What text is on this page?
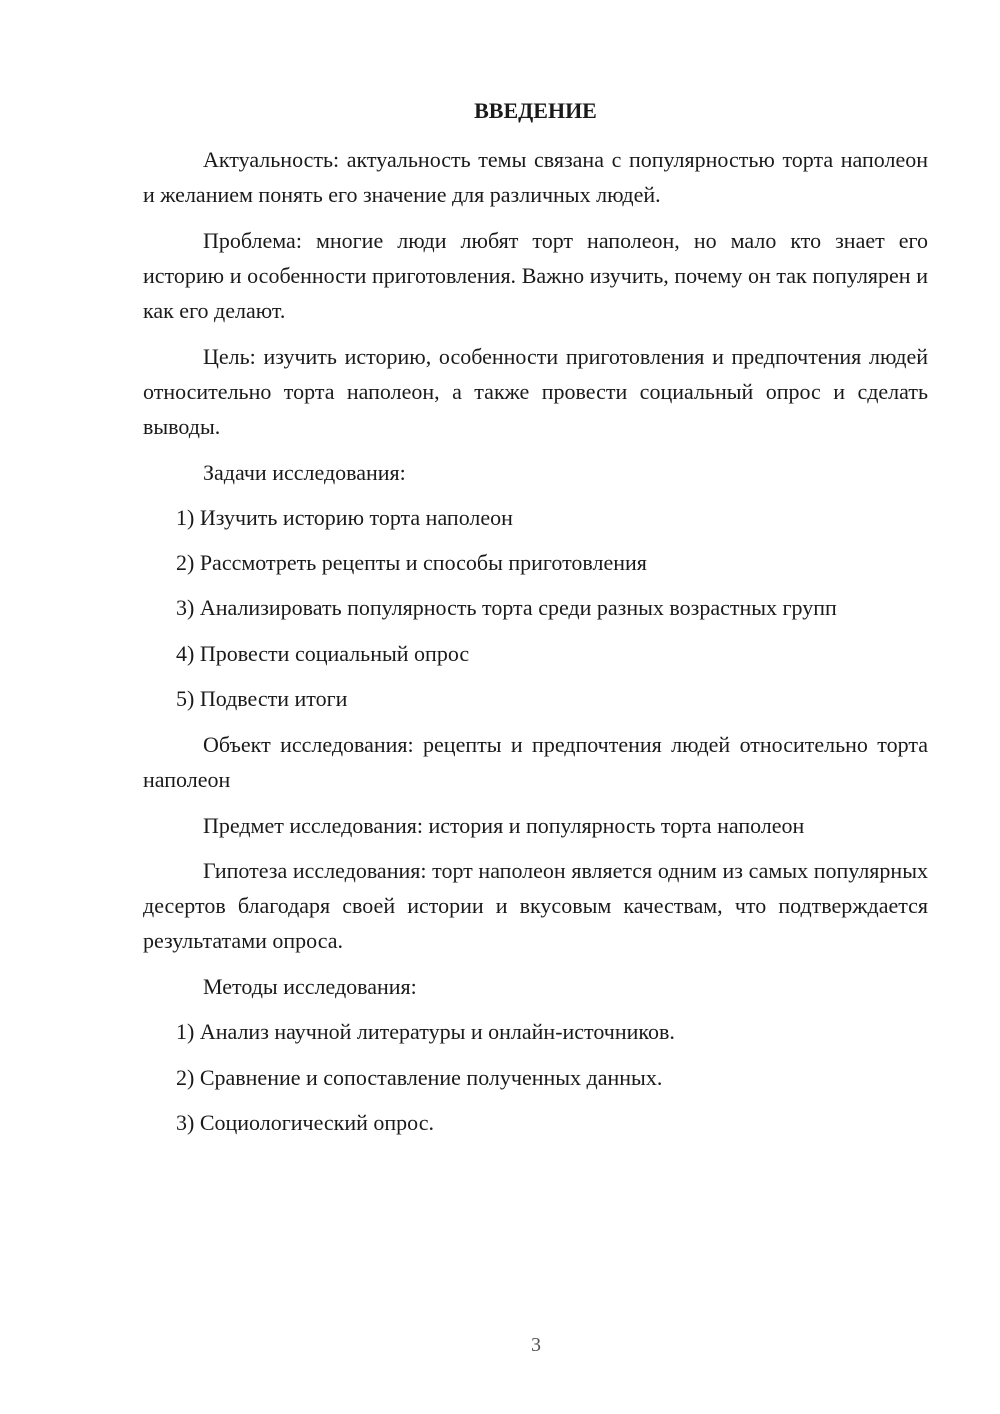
ВВЕДЕНИЕ

Актуальность: актуальность темы связана с популярностью торта наполеон и желанием понять его значение для различных людей.

Проблема: многие люди любят торт наполеон, но мало кто знает его историю и особенности приготовления. Важно изучить, почему он так популярен и как его делают.

Цель: изучить историю, особенности приготовления и предпочтения людей относительно торта наполеон, а также провести социальный опрос и сделать выводы.

Задачи исследования:

1) Изучить историю торта наполеон

2) Рассмотреть рецепты и способы приготовления

3) Анализировать популярность торта среди разных возрастных групп

4) Провести социальный опрос

5) Подвести итоги

Объект исследования: рецепты и предпочтения людей относительно торта наполеон

Предмет исследования: история и популярность торта наполеон

Гипотеза исследования: торт наполеон является одним из самых популярных десертов благодаря своей истории и вкусовым качествам, что подтверждается результатами опроса.

Методы исследования:

1) Анализ научной литературы и онлайн-источников.

2) Сравнение и сопоставление полученных данных.

3) Социологический опрос.

3
